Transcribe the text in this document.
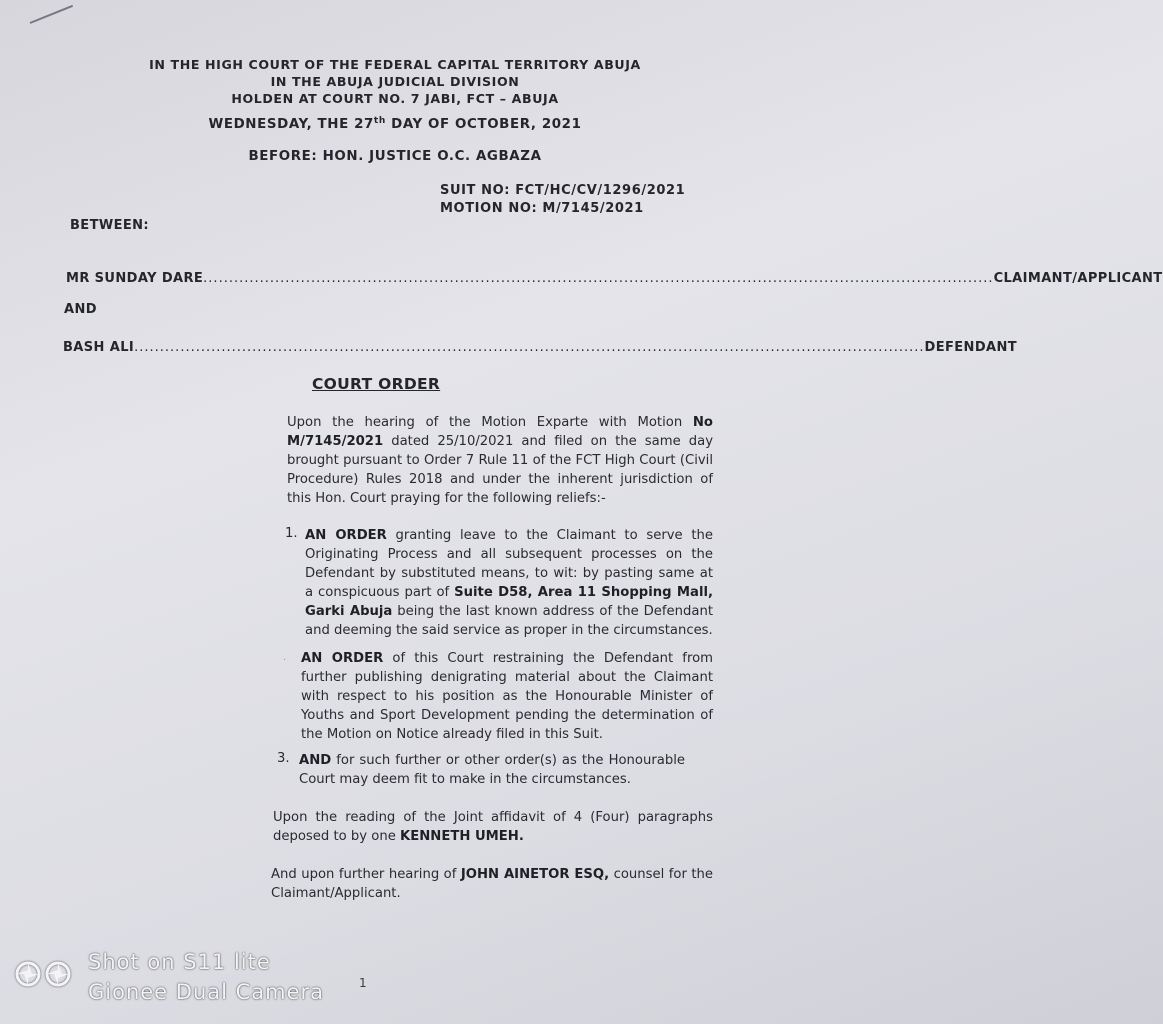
IN THE HIGH COURT OF THE FEDERAL CAPITAL TERRITORY ABUJA
IN THE ABUJA JUDICIAL DIVISION
HOLDEN AT COURT NO. 7 JABI, FCT – ABUJA
WEDNESDAY, THE 27th DAY OF OCTOBER, 2021
BEFORE: HON. JUSTICE O.C. AGBAZA
SUIT NO: FCT/HC/CV/1296/2021
MOTION NO: M/7145/2021
BETWEEN:
MR SUNDAY DARE .......................................................................................................................................................... CLAIMANT/APPLICANT
AND
BASH ALI .......................................................................................................................................................... DEFENDANT
COURT ORDER
Upon the hearing of the Motion Exparte with Motion No M/7145/2021 dated 25/10/2021 and filed on the same day brought pursuant to Order 7 Rule 11 of the FCT High Court (Civil Procedure) Rules 2018 and under the inherent jurisdiction of this Hon. Court praying for the following reliefs:-
1. AN ORDER granting leave to the Claimant to serve the Originating Process and all subsequent processes on the Defendant by substituted means, to wit: by pasting same at a conspicuous part of Suite D58, Area 11 Shopping Mall, Garki Abuja being the last known address of the Defendant and deeming the said service as proper in the circumstances.
. AN ORDER of this Court restraining the Defendant from further publishing denigrating material about the Claimant with respect to his position as the Honourable Minister of Youths and Sport Development pending the determination of the Motion on Notice already filed in this Suit.
3. AND for such further or other order(s) as the Honourable Court may deem fit to make in the circumstances.
Upon the reading of the Joint affidavit of 4 (Four) paragraphs deposed to by one KENNETH UMEH.
And upon further hearing of JOHN AINETOR ESQ, counsel for the Claimant/Applicant.
1
Shot on S11 lite
Gionee Dual Camera
